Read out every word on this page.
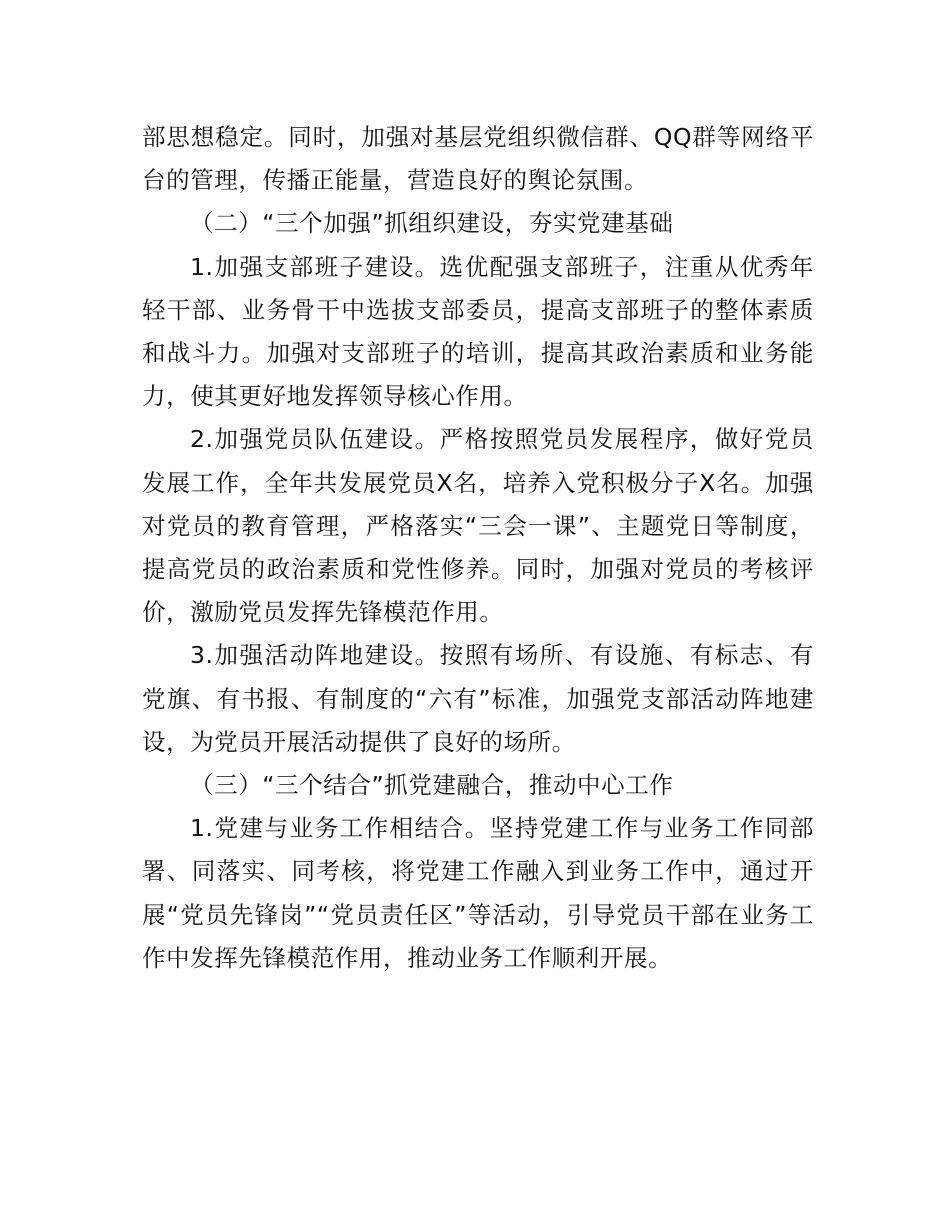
部思想稳定。同时，加强对基层党组织微信群、QQ群等网络平台的管理，传播正能量，营造良好的舆论氛围。

（二）“三个加强”抓组织建设，夯实党建基础

1.加强支部班子建设。选优配强支部班子，注重从优秀年轻干部、业务骨干中选拔支部委员，提高支部班子的整体素质和战斗力。加强对支部班子的培训，提高其政治素质和业务能力，使其更好地发挥领导核心作用。

2.加强党员队伍建设。严格按照党员发展程序，做好党员发展工作，全年共发展党员X名，培养入党积极分子X名。加强对党员的教育管理，严格落实“三会一课”、主题党日等制度，提高党员的政治素质和党性修养。同时，加强对党员的考核评价，激励党员发挥先锋模范作用。

3.加强活动阵地建设。按照有场所、有设施、有标志、有党旗、有书报、有制度的“六有”标准，加强党支部活动阵地建设，为党员开展活动提供了良好的场所。

（三）“三个结合”抓党建融合，推动中心工作

1.党建与业务工作相结合。坚持党建工作与业务工作同部署、同落实、同考核，将党建工作融入到业务工作中，通过开展“党员先锋岗”“党员责任区”等活动，引导党员干部在业务工作中发挥先锋模范作用，推动业务工作顺利开展。
